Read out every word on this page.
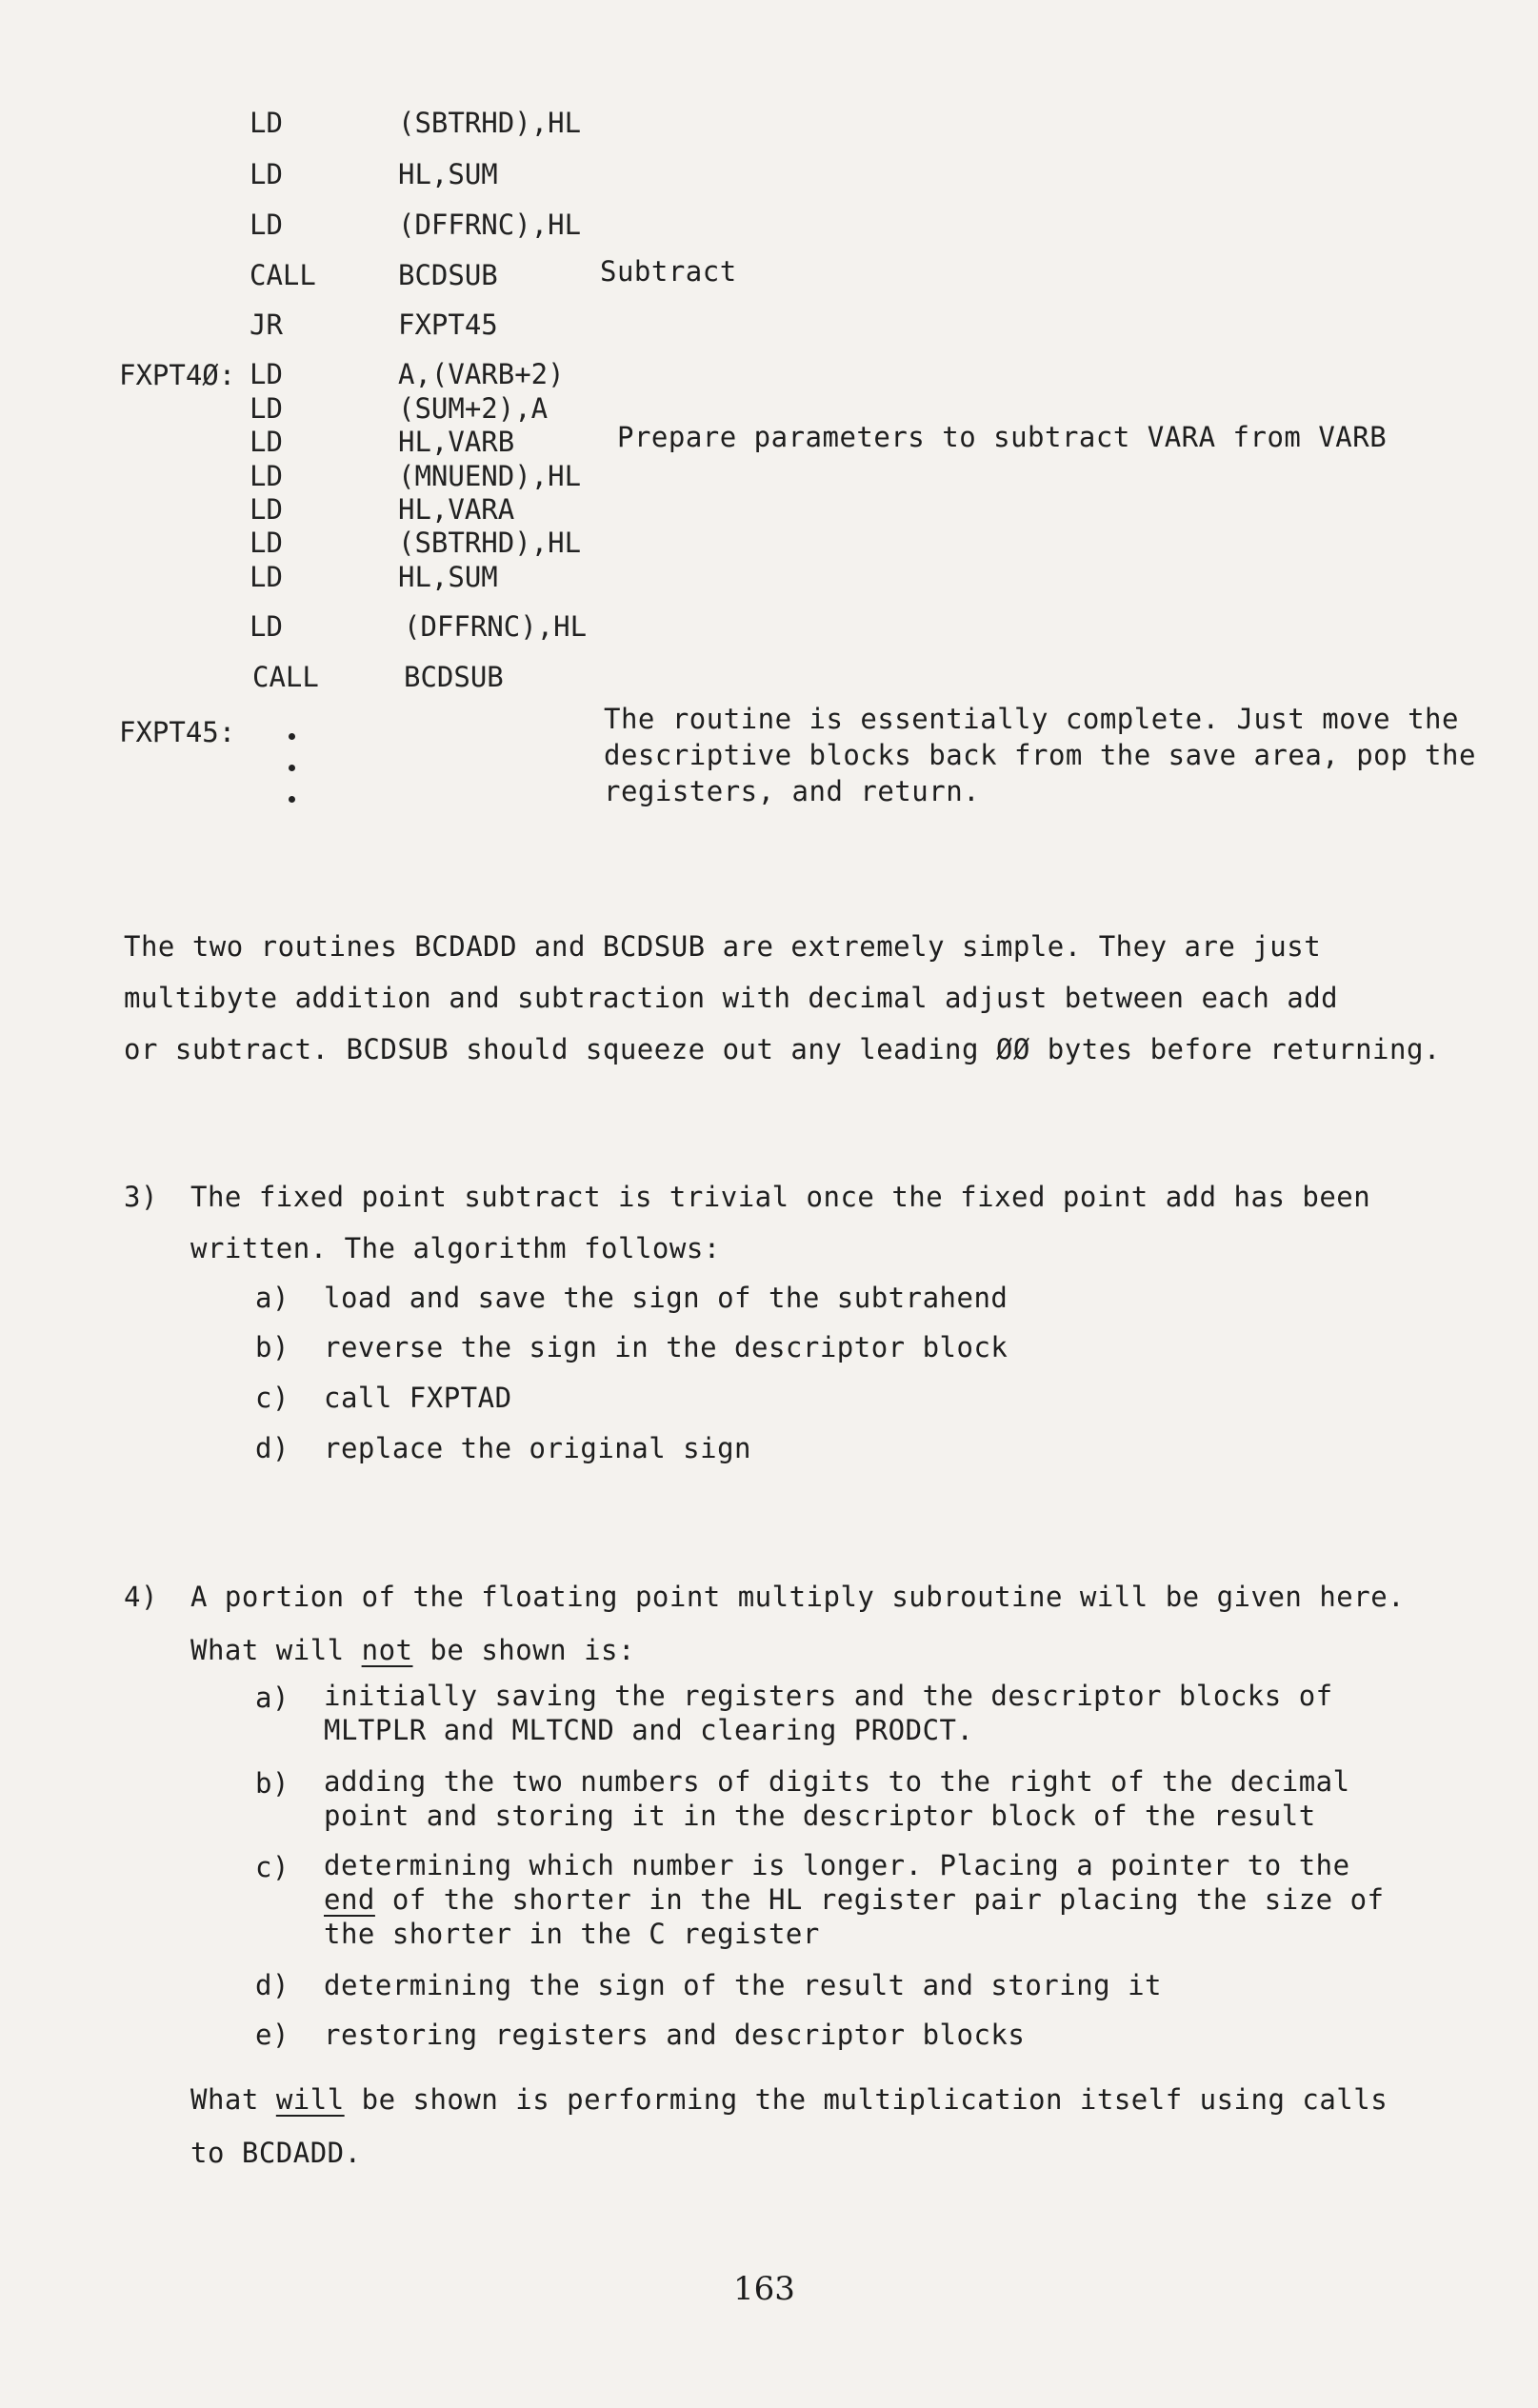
LD	(SBTRHD),HL
LD	HL,SUM
LD	(DFFRNC),HL
CALL	BCDSUB	Subtract
JR	FXPT45
FXPT4Ø: LD	A,(VARB+2)
LD	(SUM+2),A
LD	HL,VARB	Prepare parameters to subtract VARA from VARB
LD	(MNUEND),HL
LD	HL,VARA
LD	(SBTRHD),HL
LD	HL,SUM
LD	(DFFRNC),HL
CALL	BCDSUB
FXPT45:	The routine is essentially complete. Just move the
descriptive blocks back from the save area, pop the
registers, and return.
The two routines BCDADD and BCDSUB are extremely simple. They are just
multibyte addition and subtraction with decimal adjust between each add
or subtract. BCDSUB should squeeze out any leading ØØ bytes before returning.
3) The fixed point subtract is trivial once the fixed point add has been
written. The algorithm follows:
a) load and save the sign of the subtrahend
b) reverse the sign in the descriptor block
c) call FXPTAD
d) replace the original sign
4) A portion of the floating point multiply subroutine will be given here.
What will not be shown is:
a) initially saving the registers and the descriptor blocks of
MLTPLR and MLTCND and clearing PRODCT.
b) adding the two numbers of digits to the right of the decimal
point and storing it in the descriptor block of the result
c) determining which number is longer. Placing a pointer to the
end of the shorter in the HL register pair placing the size of
the shorter in the C register
d) determining the sign of the result and storing it
e) restoring registers and descriptor blocks
What will be shown is performing the multiplication itself using calls
to BCDADD.
163
